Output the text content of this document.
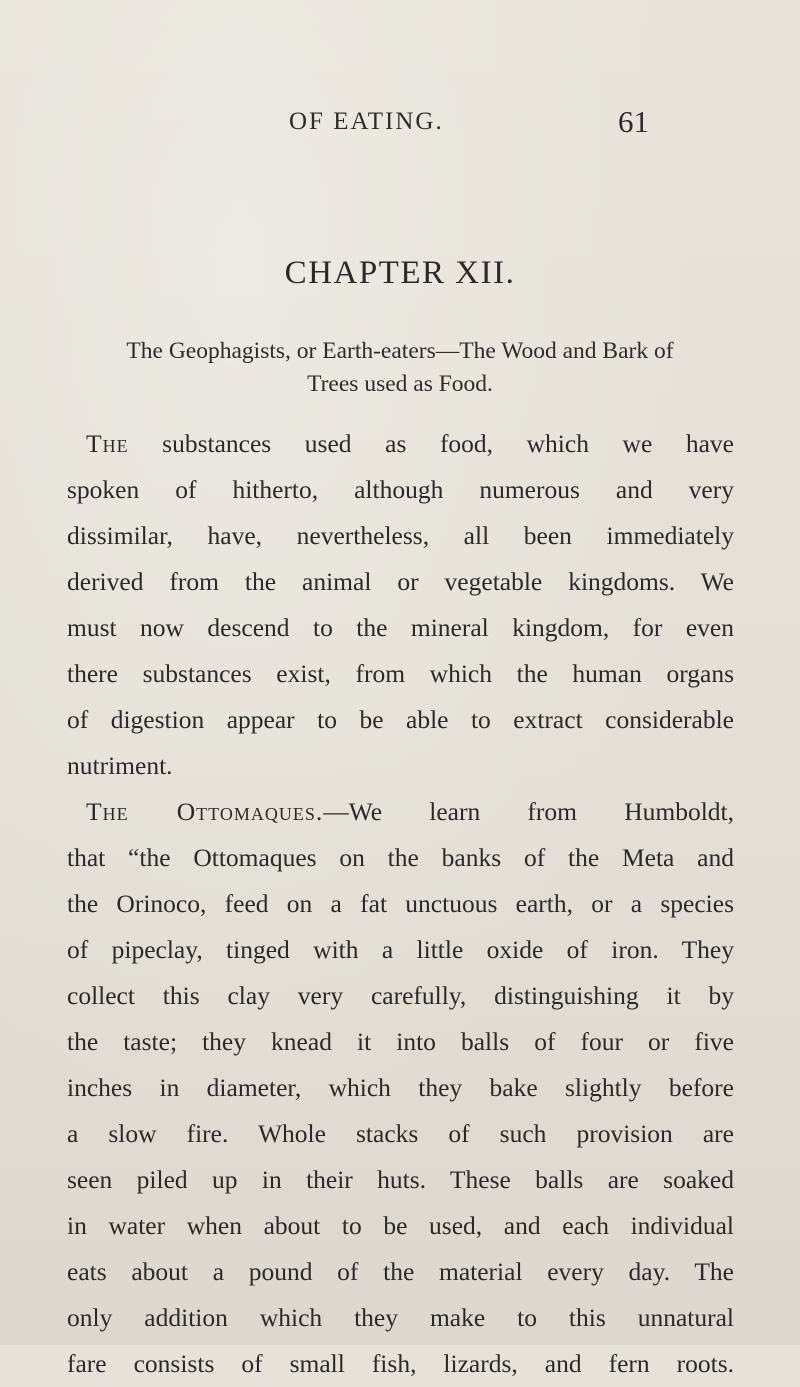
OF EATING.	61
CHAPTER XII.
The Geophagists, or Earth-eaters—The Wood and Bark of
Trees used as Food.
The substances used as food, which we have
spoken of hitherto, although numerous and very
dissimilar, have, nevertheless, all been immediately
derived from the animal or vegetable kingdoms. We
must now descend to the mineral kingdom, for even
there substances exist, from which the human organs
of digestion appear to be able to extract considerable
nutriment.
The Ottomaques.—We learn from Humboldt,
that “the Ottomaques on the banks of the Meta and
the Orinoco, feed on a fat unctuous earth, or a species
of pipeclay, tinged with a little oxide of iron. They
collect this clay very carefully, distinguishing it by
the taste; they knead it into balls of four or five
inches in diameter, which they bake slightly before
a slow fire. Whole stacks of such provision are
seen piled up in their huts. These balls are soaked
in water when about to be used, and each individual
eats about a pound of the material every day. The
only addition which they make to this unnatural
fare consists of small fish, lizards, and fern roots.
